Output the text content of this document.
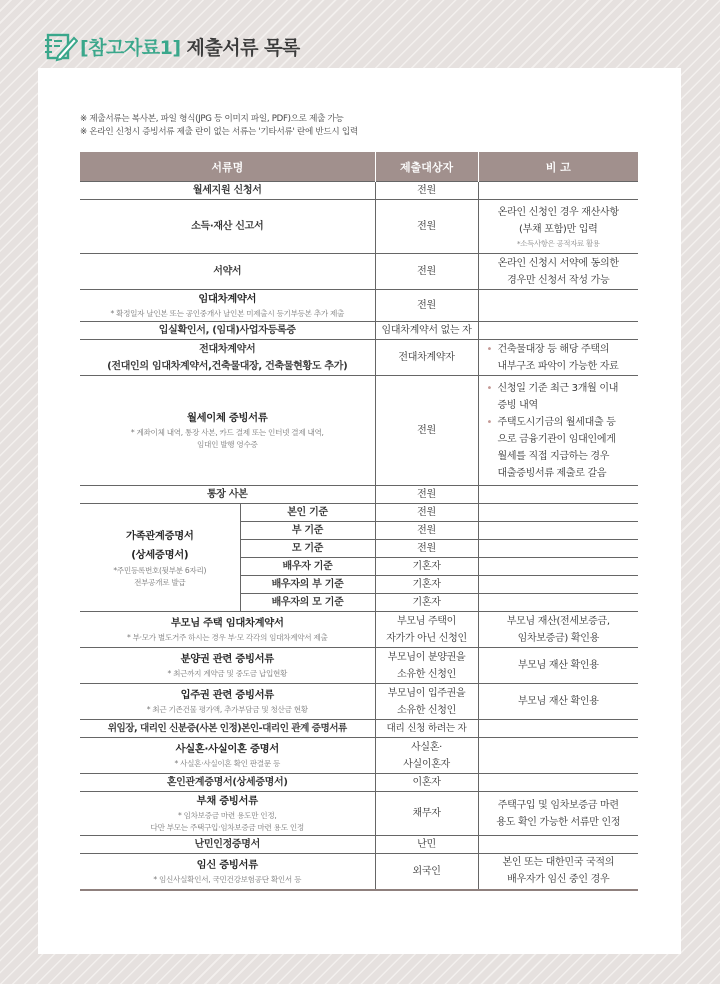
[참고자료1] 제출서류 목록
※ 제출서류는 복사본, 파일 형식(JPG 등 이미지 파일, PDF)으로 제출 가능
※ 온라인 신청시 증빙서류 제출 란이 없는 서류는 '기타서류' 란에 반드시 입력
서류명		제출대상자	비 고
월세지원 신청서		전원	
소득·재산 신고서		전원	온라인 신청인 경우 재산사항
(부채 포함)만 입력
*소득사항은 공적자료 활용

서약서		전원	온라인 신청시 서약에 동의한
경우만 신청서 작성 가능

임대차계약서
* 확정일자 날인본 또는 공인중개사 날인본 미제출시 등기부등본 추가 제출		전원	
입실확인서, (임대)사업자등록증		임대차계약서 없는 자	

전대차계약서
(전대인의 임대차계약서,건축물대장, 건축물현황도 추가)		전대차계약자	• 건축물대장 등 해당 주택의
내부구조 파악이 가능한 자료

월세이체 증빙서류
* 계좌이체 내역, 통장 사본, 카드 결제 또는 인터넷 결제 내역,
임대인 발행 영수증
	전원	
• 신청일 기준 최근 3개월 이내
증빙 내역
• 주택도시기금의 월세대출 등
으로 금융기관이 임대인에게
월세를 직접 지급하는 경우
대출증빙서류 제출로 갈음

통장 사본		전원	

가족관계증명서
(상세증명서)
*주민등록번호(뒷부분 6자리)
전부공개로 발급	본인 기준	전원	
	부 기준	전원	
	모 기준	전원	
	배우자 기준	기혼자	
	배우자의 부 기준	기혼자	
	배우자의 모 기준	기혼자	

부모님 주택 임대차계약서
* 부·모가 별도거주 하시는 경우 부·모 각각의 임대차계약서 제출		부모님 주택이
자가가 아닌 신청인	부모님 재산(전세보증금,
임차보증금) 확인용

분양권 관련 증빙서류
* 최근까지 계약금 및 중도금 납입현황		부모님이 분양권을
소유한 신청인	부모님 재산 확인용

입주권 관련 증빙서류
* 최근 기존건물 평가액, 추가부담금 및 청산금 현황		부모님이 입주권을
소유한 신청인	부모님 재산 확인용
위임장, 대리인 신분증(사본 인정)본인-대리인 관계 증명서류		대리 신청 하려는 자	

사실혼·사실이혼 증명서
* 사실혼·사실이혼 확인 판결문 등		사실혼·
사실이혼자	

혼인관계증명서(상세증명서)		이혼자	

부채 증빙서류
* 임차보증금 마련 용도만 인정,
다만 부모는 주택구입·임차보증금 마련 용도 인정		채무자	주택구입 및 임차보증금 마련
용도 확인 가능한 서류만 인정

난민인정증명서		난민	

임신 증빙서류
* 임신사실확인서, 국민건강보험공단 확인서 등		외국인	본인 또는 대한민국 국적의
배우자가 임신 중인 경우
